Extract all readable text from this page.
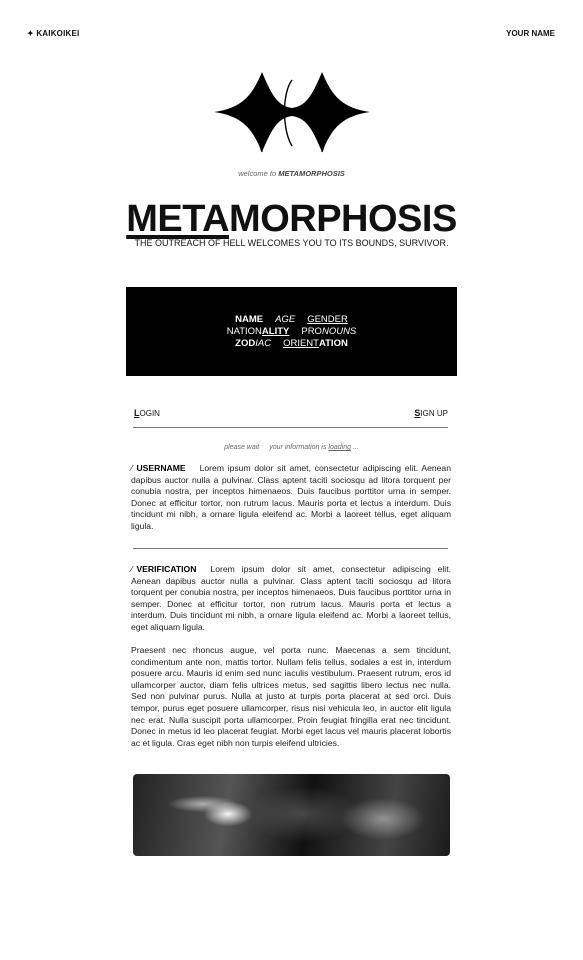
✦ KAIKOIKEI	YOUR NAME
welcome to METAMORPHOSIS
METAMORPHOSIS
THE OUTREACH OF HELL WELCOMES YOU TO ITS BOUNDS, SURVIVOR.
NAME AGE GENDER
NATIONALITY PRONOUNS
ZODIAC ORIENTATION
LOGIN	SIGN UP
please wait your information is loading ...
⁄ USERNAME Lorem ipsum dolor sit amet, consectetur adipiscing elit. Aenean dapibus auctor nulla a pulvinar. Class aptent taciti sociosqu ad litora torquent per conubia nostra, per inceptos himenaeos. Duis faucibus porttitor urna in semper. Donec at efficitur tortor, non rutrum lacus. Mauris porta et lectus a interdum. Duis tincidunt mi nibh, a ornare ligula eleifend ac. Morbi a laoreet tellus, eget aliquam ligula.
⁄ VERIFICATION Lorem ipsum dolor sit amet, consectetur adipiscing elit. Aenean dapibus auctor nulla a pulvinar. Class aptent taciti sociosqu ad litora torquent per conubia nostra, per inceptos himenaeos. Duis faucibus porttitor urna in semper. Donec at efficitur tortor, non rutrum lacus. Mauris porta et lectus a interdum. Duis tincidunt mi nibh, a ornare ligula eleifend ac. Morbi a laoreet tellus, eget aliquam ligula.
Praesent nec rhoncus augue, vel porta nunc. Maecenas a sem tincidunt, condimentum ante non, mattis tortor. Nullam felis tellus, sodales a est in, interdum posuere arcu. Mauris id enim sed nunc iaculis vestibulum. Praesent rutrum, eros id ullamcorper auctor, diam felis ultrices metus, sed sagittis libero lectus nec nulla. Sed non pulvinar purus. Nulla at justo at turpis porta placerat at sed orci. Duis tempor, purus eget posuere ullamcorper, risus nisi vehicula leo, in auctor elit ligula nec erat. Nulla suscipit porta ullamcorper. Proin feugiat fringilla erat nec tincidunt. Donec in metus id leo placerat feugiat. Morbi eget lacus vel mauris placerat lobortis ac et ligula. Cras eget nibh non turpis eleifend ultricies.
